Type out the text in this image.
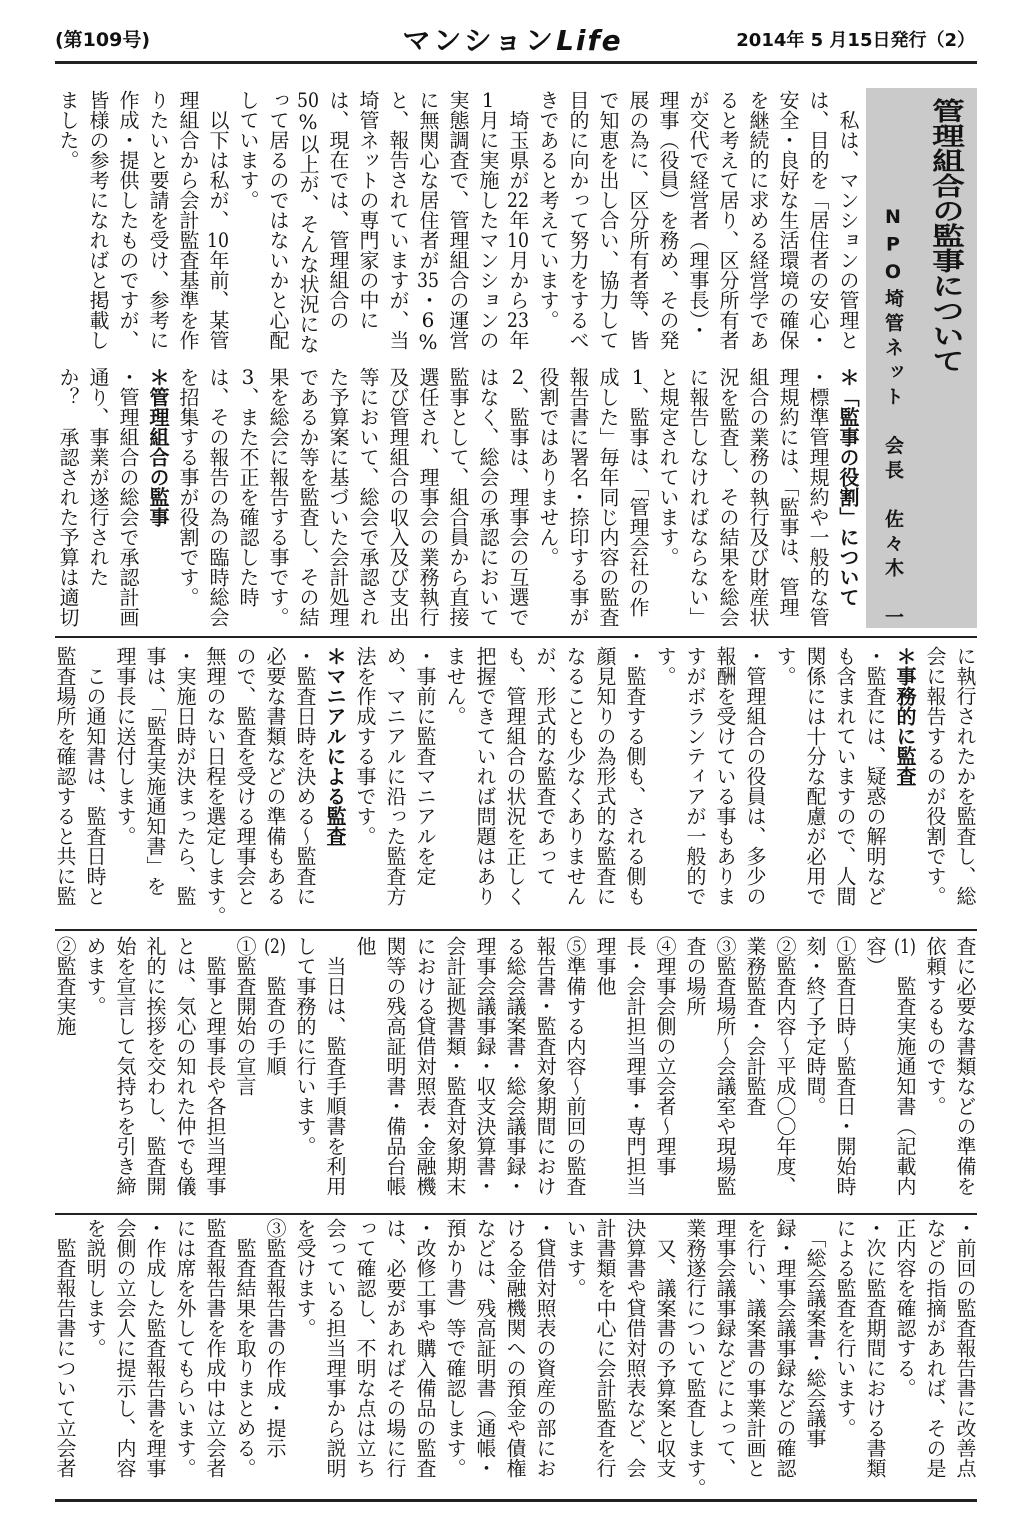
(第109号)	マンションLife	2014年 5 月15日発行（2）
管理組合の監事について
NPO埼管ネット　会長　佐々木　一
　私は、マンションの管理と
は、目的を「居住者の安心・
安全・良好な生活環境の確保
を継続的に求める経営学であ
ると考えて居り、区分所有者
が交代で経営者（理事長）・
理事（役員）を務め、その発
展の為に、区分所有者等、皆
で知恵を出し合い、協力して
目的に向かって努力をするべ
きであると考えています。
　埼玉県が22年10月から23年
1月に実施したマンションの
実態調査で、管理組合の運営
に無関心な居住者が35・6%
と、報告されていますが、当
埼管ネットの専門家の中に
は、現在では、管理組合の
50%以上が、そんな状況にな
って居るのではないかと心配
しています。
　以下は私が、10年前、某管
理組合から会計監査基準を作
りたいと要請を受け、参考に
作成・提供したものですが、
皆様の参考になればと掲載し
ました。
＊「監事の役割」について
・標準管理規約や一般的な管
理規約には、「監事は、管理
組合の業務の執行及び財産状
況を監査し、その結果を総会
に報告しなければならない」
と規定されています。
1、監事は、「管理会社の作
成した」毎年同じ内容の監査
報告書に署名・捺印する事が
役割ではありません。
2、監事は、理事会の互選で
はなく、総会の承認において
監事として、組合員から直接
選任され、理事会の業務執行
及び管理組合の収入及び支出
等において、総会で承認され
た予算案に基づいた会計処理
であるか等を監査し、その結
果を総会に報告する事です。
3、また不正を確認した時
は、その報告の為の臨時総会
を招集する事が役割です。
＊管理組合の監事
・管理組合の総会で承認計画
通り、事業が遂行された
か？　承認された予算は適切
に執行されたかを監査し、総
会に報告するのが役割です。
＊事務的に監査
・監査には、疑惑の解明など
も含まれていますので、人間
関係には十分な配慮が必用で
す。
・管理組合の役員は、多少の
報酬を受けている事もありま
すがボランティアが一般的で
す。
・監査する側も、される側も
顔見知りの為形式的な監査に
なることも少なくありません
が、形式的な監査であって
も、管理組合の状況を正しく
把握できていれば問題はあり
ません。
・事前に監査マニアルを定
め、マニアルに沿った監査方
法を作成する事です。
＊マニアルによる監査
・監査日時を決める〜監査に
必要な書類などの準備もある
ので、監査を受ける理事会と
無理のない日程を選定します。
・実施日時が決まったら、監
事は、「監査実施通知書」を
理事長に送付します。
　この通知書は、監査日時と
監査場所を確認すると共に監
査に必要な書類などの準備を
依頼するものです。
(1)　監査実施通知書（記載内
容）
①監査日時〜監査日・開始時
刻・終了予定時間。
②監査内容〜平成〇〇年度、
業務監査・会計監査
③監査場所〜会議室や現場監
査の場所
④理事会側の立会者〜理事
長・会計担当理事・専門担当
理事他
⑤準備する内容〜前回の監査
報告書・監査対象期間におけ
る総会議案書・総会議事録・
理事会議事録・収支決算書・
会計証拠書類・監査対象期末
における貸借対照表・金融機
関等の残高証明書・備品台帳
他
　当日は、監査手順書を利用
して事務的に行います。
(2)　監査の手順
①監査開始の宣言
　監事と理事長や各担当理事
とは、気心の知れた仲でも儀
礼的に挨拶を交わし、監査開
始を宣言して気持ちを引き締
めます。
②監査実施
・前回の監査報告書に改善点
などの指摘があれば、その是
正内容を確認する。
・次に監査期間における書類
による監査を行います。
　「総会議案書・総会議事
録・理事会議事録などの確認
を行い、議案書の事業計画と
理事会議事録などによって、
業務遂行について監査します。
　又、議案書の予算案と収支
決算書や貸借対照表など、会
計書類を中心に会計監査を行
います。
・貸借対照表の資産の部にお
ける金融機関への預金や債権
などは、残高証明書（通帳・
預かり書）等で確認します。
・改修工事や購入備品の監査
は、必要があればその場に行
って確認し、不明な点は立ち
会っている担当理事から説明
を受けます。
③監査報告書の作成・提示
　監査結果を取りまとめる。
監査報告書を作成中は立会者
には席を外してもらいます。
・作成した監査報告書を理事
会側の立会人に提示し、内容
を説明します。
　監査報告書について立会者
